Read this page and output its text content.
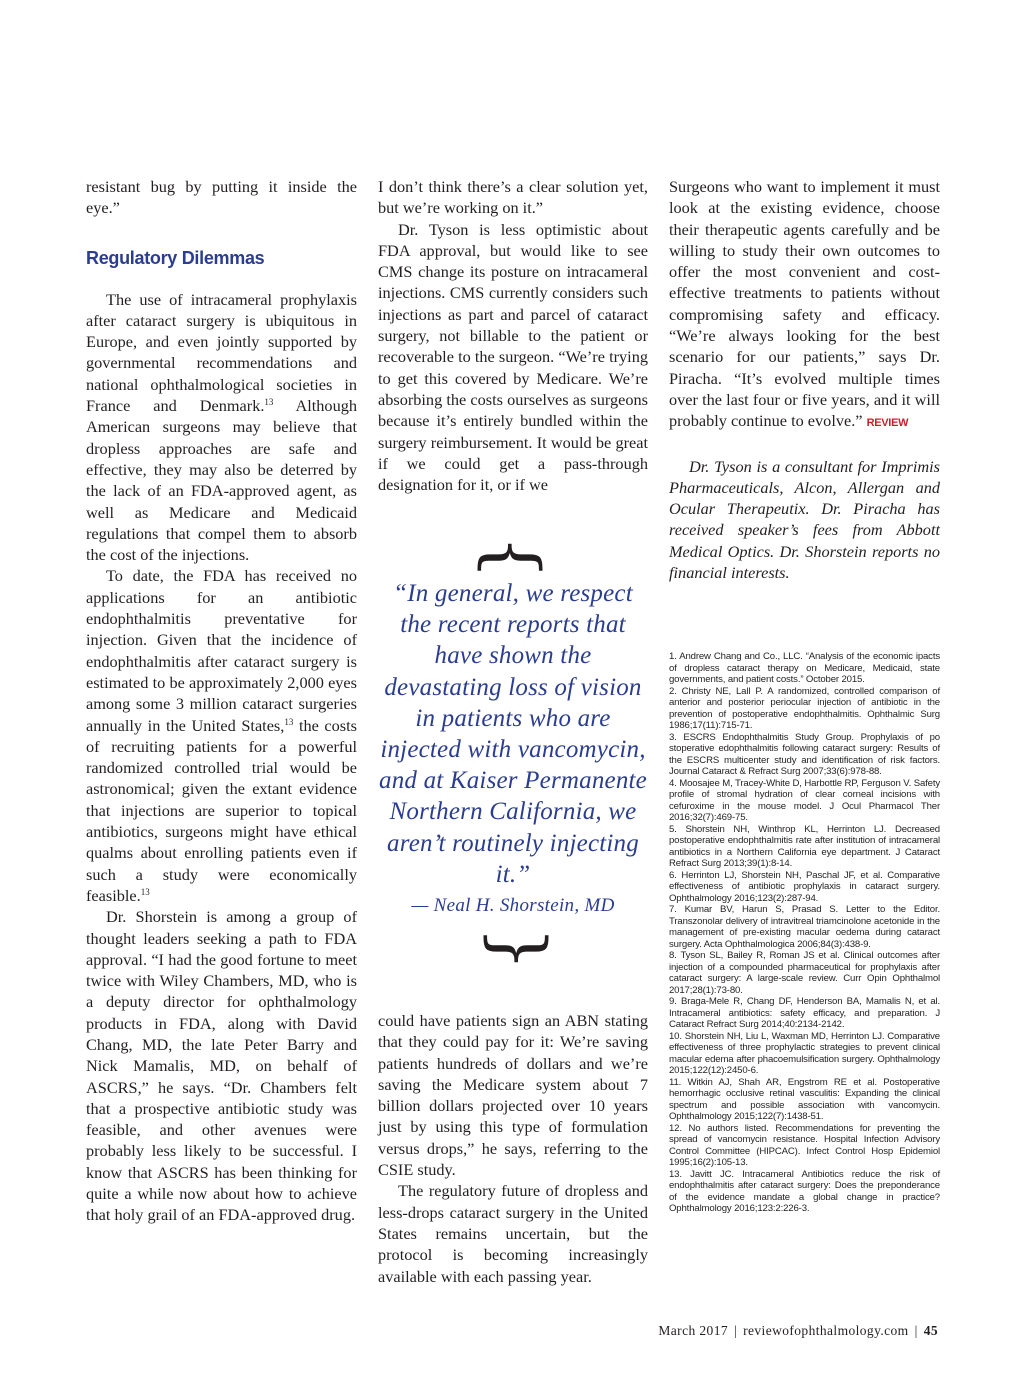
resistant bug by putting it inside the eye.”

Regulatory Dilemmas

The use of intracameral prophylaxis after cataract surgery is ubiquitous in Europe, and even jointly supported by governmental recommendations and national ophthalmological societies in France and Denmark.$^{13}$ Although American surgeons may believe that dropless approaches are safe and effective, they may also be deterred by the lack of an FDA-approved agent, as well as Medicare and Medicaid regulations that compel them to absorb the cost of the injections.

To date, the FDA has received no applications for an antibiotic endophthalmitis preventative for injection. Given that the incidence of endophthalmitis after cataract surgery is estimated to be approximately 2,000 eyes among some 3 million cataract surgeries annually in the United States,$^{13}$ the costs of recruiting patients for a powerful randomized controlled trial would be astronomical; given the extant evidence that injections are superior to topical antibiotics, surgeons might have ethical qualms about enrolling patients even if such a study were economically feasible.$^{13}$

Dr. Shorstein is among a group of thought leaders seeking a path to FDA approval. “I had the good fortune to meet twice with Wiley Chambers, MD, who is a deputy director for ophthalmology products in FDA, along with David Chang, MD, the late Peter Barry and Nick Mamalis, MD, on behalf of ASCRS,” he says. “Dr. Chambers felt that a prospective antibiotic study was feasible, and other avenues were probably less likely to be successful. I know that ASCRS has been thinking for quite a while now about how to achieve that holy grail of an FDA-approved drug.

I don’t think there’s a clear solution yet, but we’re working on it.”

Dr. Tyson is less optimistic about FDA approval, but would like to see CMS change its posture on intracameral injections. CMS currently considers such injections as part and parcel of cataract surgery, not billable to the patient or recoverable to the surgeon. “We’re trying to get this covered by Medicare. We’re absorbing the costs ourselves as surgeons because it’s entirely bundled within the surgery reimbursement. It would be great if we could get a pass-through designation for it, or if we

{

“In general, we respect the recent reports that have shown the devastating loss of vision in patients who are injected with vancomycin, and at Kaiser Permanente Northern California, we aren’t routinely injecting it.”

— Neal H. Shorstein, MD

{

could have patients sign an ABN stating that they could pay for it: We’re saving patients hundreds of dollars and we’re saving the Medicare system about 7 billion dollars projected over 10 years just by using this type of formulation versus drops,” he says, referring to the CSIE study.

The regulatory future of dropless and less-drops cataract surgery in the United States remains uncertain, but the protocol is becoming increasingly available with each passing year.

Surgeons who want to implement it must look at the existing evidence, choose their therapeutic agents carefully and be willing to study their own outcomes to offer the most convenient and cost-effective treatments to patients without compromising safety and efficacy. “We’re always looking for the best scenario for our patients,” says Dr. Piracha. “It’s evolved multiple times over the last four or five years, and it will probably continue to evolve.” REVIEW

Dr. Tyson is a consultant for Imprimis Pharmaceuticals, Alcon, Allergan and Ocular Therapeutix. Dr. Piracha has received speaker’s fees from Abbott Medical Optics. Dr. Shorstein reports no financial interests.

1. Andrew Chang and Co., LLC. “Analysis of the economic ipacts of dropless cataract therapy on Medicare, Medicaid, state governments, and patient costs.” October 2015.

2. Christy NE, Lall P. A randomized, controlled comparison of anterior and posterior periocular injection of antibiotic in the prevention of postoperative endophthalmitis. Ophthalmic Surg 1986;17(11):715-71.

3. ESCRS Endophthalmitis Study Group. Prophylaxis of po stoperative edophthalmitis following cataract surgery: Results of the ESCRS multicenter study and identification of risk factors. Journal Cataract & Refract Surg 2007;33(6):978-88.

4. Moosajee M, Tracey-White D, Harbottle RP, Ferguson V. Safety profile of stromal hydration of clear corneal incisions with cefuroxime in the mouse model. J Ocul Pharmacol Ther 2016;32(7):469-75.

5. Shorstein NH, Winthrop KL, Herrinton LJ. Decreased postoperative endophthalmitis rate after institution of intracameral antibiotics in a Northern California eye department. J Cataract Refract Surg 2013;39(1):8-14.

6. Herrinton LJ, Shorstein NH, Paschal JF, et al. Comparative effectiveness of antibiotic prophylaxis in cataract surgery. Ophthalmology 2016;123(2):287-94.

7. Kumar BV, Harun S, Prasad S. Letter to the Editor. Transzonolar delivery of intravitreal triamcinolone acetonide in the management of pre-existing macular oedema during cataract surgery. Acta Ophthalmologica 2006;84(3):438-9.

8. Tyson SL, Bailey R, Roman JS et al. Clinical outcomes after injection of a compounded pharmaceutical for prophylaxis after cataract surgery: A large-scale review. Curr Opin Ophthalmol 2017;28(1):73-80.

9. Braga-Mele R, Chang DF, Henderson BA, Mamalis N, et al. Intracameral antibiotics: safety efficacy, and preparation. J Cataract Refract Surg 2014;40:2134-2142.

10. Shorstein NH, Liu L, Waxman MD, Herrinton LJ. Comparative effectiveness of three prophylactic strategies to prevent clinical macular edema after phacoemulsification surgery. Ophthalmology 2015;122(12):2450-6.

11. Witkin AJ, Shah AR, Engstrom RE et al. Postoperative hemorrhagic occlusive retinal vasculitis: Expanding the clinical spectrum and possible association with vancomycin. Ophthalmology 2015;122(7):1438-51.

12. No authors listed. Recommendations for preventing the spread of vancomycin resistance. Hospital Infection Advisory Control Committee (HIPCAC). Infect Control Hosp Epidemiol 1995;16(2):105-13.

13. Javitt JC. Intracameral Antibiotics reduce the risk of endophthalmitis after cataract surgery: Does the preponderance of the evidence mandate a global change in practice? Ophthalmology 2016;123:2:226-3.

March 2017 | reviewofophthalmology.com | 45
